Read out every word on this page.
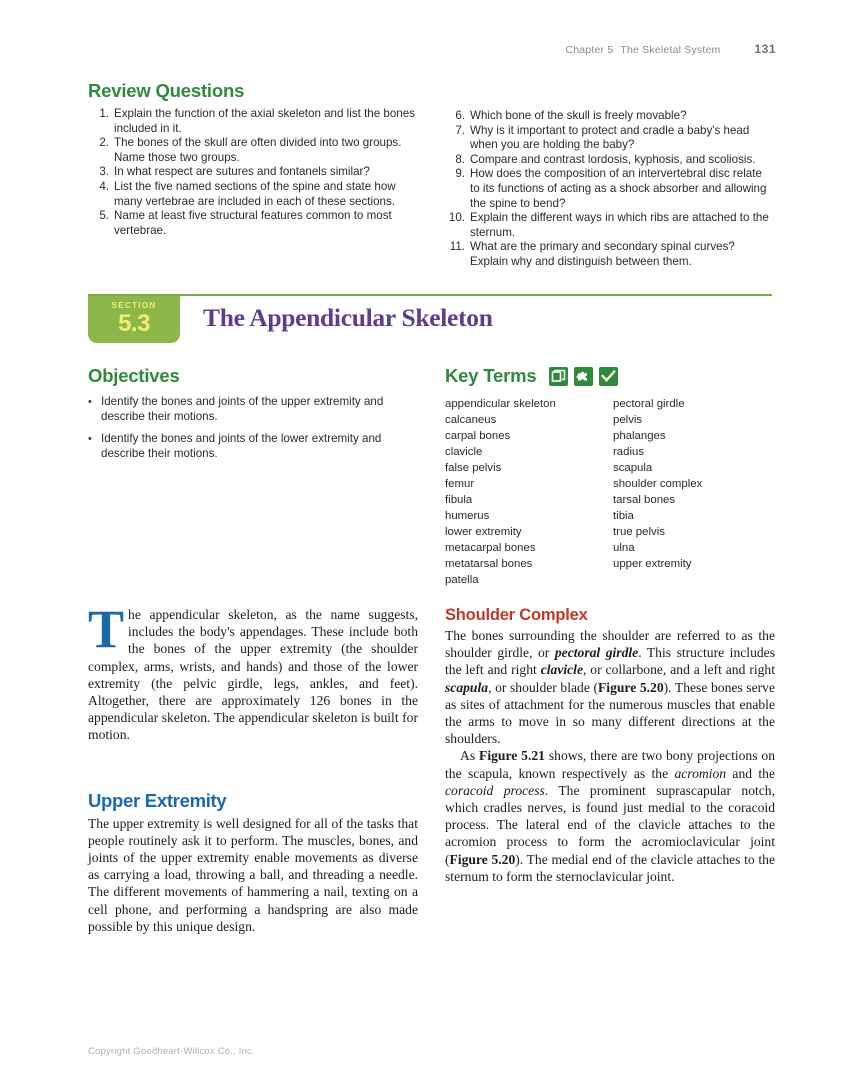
Chapter 5 The Skeletal System	131
Review Questions
1. Explain the function of the axial skeleton and list the bones included in it.
2. The bones of the skull are often divided into two groups. Name those two groups.
3. In what respect are sutures and fontanels similar?
4. List the five named sections of the spine and state how many vertebrae are included in each of these sections.
5. Name at least five structural features common to most vertebrae.
6. Which bone of the skull is freely movable?
7. Why is it important to protect and cradle a baby's head when you are holding the baby?
8. Compare and contrast lordosis, kyphosis, and scoliosis.
9. How does the composition of an intervertebral disc relate to its functions of acting as a shock absorber and allowing the spine to bend?
10. Explain the different ways in which ribs are attached to the sternum.
11. What are the primary and secondary spinal curves? Explain why and distinguish between them.
SECTION
5.3	The Appendicular Skeleton
Objectives
• Identify the bones and joints of the upper extremity and describe their motions.
• Identify the bones and joints of the lower extremity and describe their motions.
Key Terms
appendicular skeleton
calcaneus
carpal bones
clavicle
false pelvis
femur
fibula
humerus
lower extremity
metacarpal bones
metatarsal bones
patella
pectoral girdle
pelvis
phalanges
radius
scapula
shoulder complex
tarsal bones
tibia
true pelvis
ulna
upper extremity
The appendicular skeleton, as the name suggests, includes the body's appendages. These include both the bones of the upper extremity (the shoulder complex, arms, wrists, and hands) and those of the lower extremity (the pelvic girdle, legs, ankles, and feet). Altogether, there are approximately 126 bones in the appendicular skeleton. The appendicular skeleton is built for motion.
Upper Extremity

The upper extremity is well designed for all of the tasks that people routinely ask it to perform. The muscles, bones, and joints of the upper extremity enable movements as diverse as carrying a load, throwing a ball, and threading a needle. The different movements of hammering a nail, texting on a cell phone, and performing a handspring are also made possible by this unique design.

Shoulder Complex

The bones surrounding the shoulder are referred to as the shoulder girdle, or pectoral girdle. This structure includes the left and right clavicle, or collarbone, and a left and right scapula, or shoulder blade (Figure 5.20). These bones serve as sites of attachment for the numerous muscles that enable the arms to move in so many different directions at the shoulders.

As Figure 5.21 shows, there are two bony projections on the scapula, known respectively as the acromion and the coracoid process. The prominent suprascapular notch, which cradles nerves, is found just medial to the coracoid process. The lateral end of the clavicle attaches to the acromion process to form the acromioclavicular joint (Figure 5.20). The medial end of the clavicle attaches to the sternum to form the sternoclavicular joint.

Copyright Goodheart-Willcox Co., Inc.
